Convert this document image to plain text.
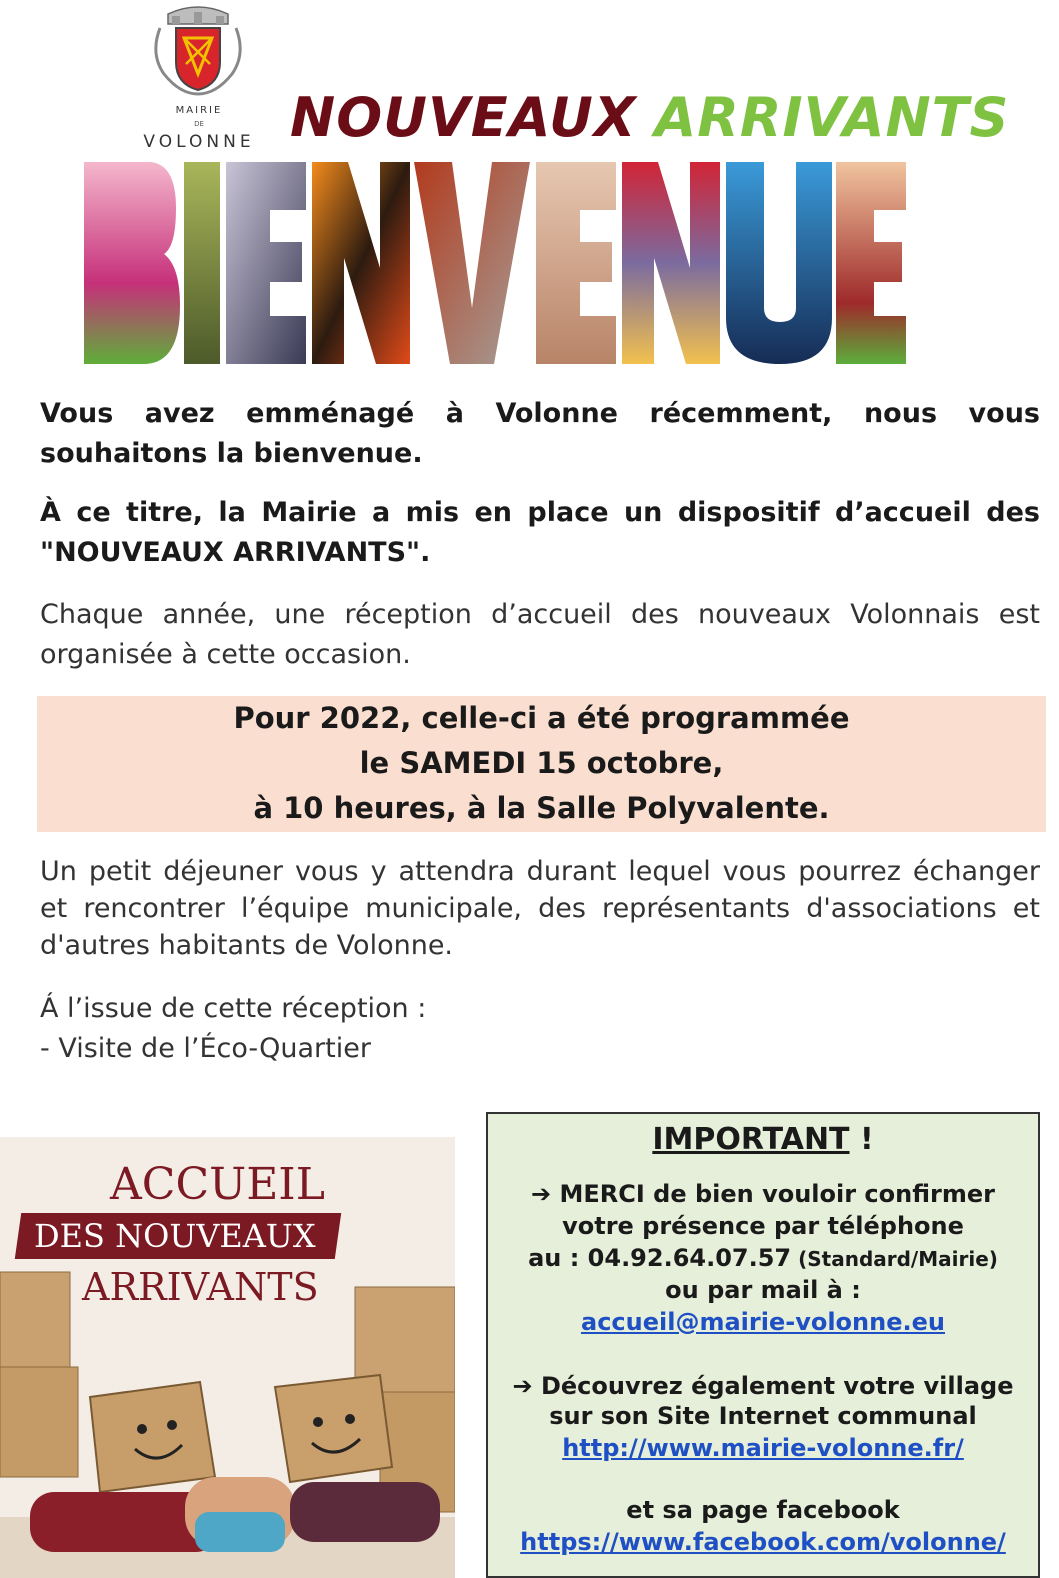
MAIRIE
DE
VOLONNE NOUVEAUX ARRIVANTS
Vous avez emménagé à Volonne récemment, nous vous souhaitons la bienvenue.
À ce titre, la Mairie a mis en place un dispositif d’accueil des "NOUVEAUX ARRIVANTS".
Chaque année, une réception d’accueil des nouveaux Volonnais est organisée à cette occasion.
Pour 2022, celle-ci a été programmée
le SAMEDI 15 octobre,
à 10 heures, à la Salle Polyvalente.
Un petit déjeuner vous y attendra durant lequel vous pourrez échanger et rencontrer l’équipe municipale, des représentants d'associations et d'autres habitants de Volonne.
Á l’issue de cette réception :
- Visite de l’Éco-Quartier
ACCUEIL
DES NOUVEAUX
ARRIVANTS
IMPORTANT !
➔ MERCI de bien vouloir confirmer
votre présence par téléphone
au : 04.92.64.07.57 (Standard/Mairie)
ou par mail à :
accueil@mairie-volonne.eu
➔ Découvrez également votre village
sur son Site Internet communal
http://www.mairie-volonne.fr/
et sa page facebook
https://www.facebook.com/volonne/
